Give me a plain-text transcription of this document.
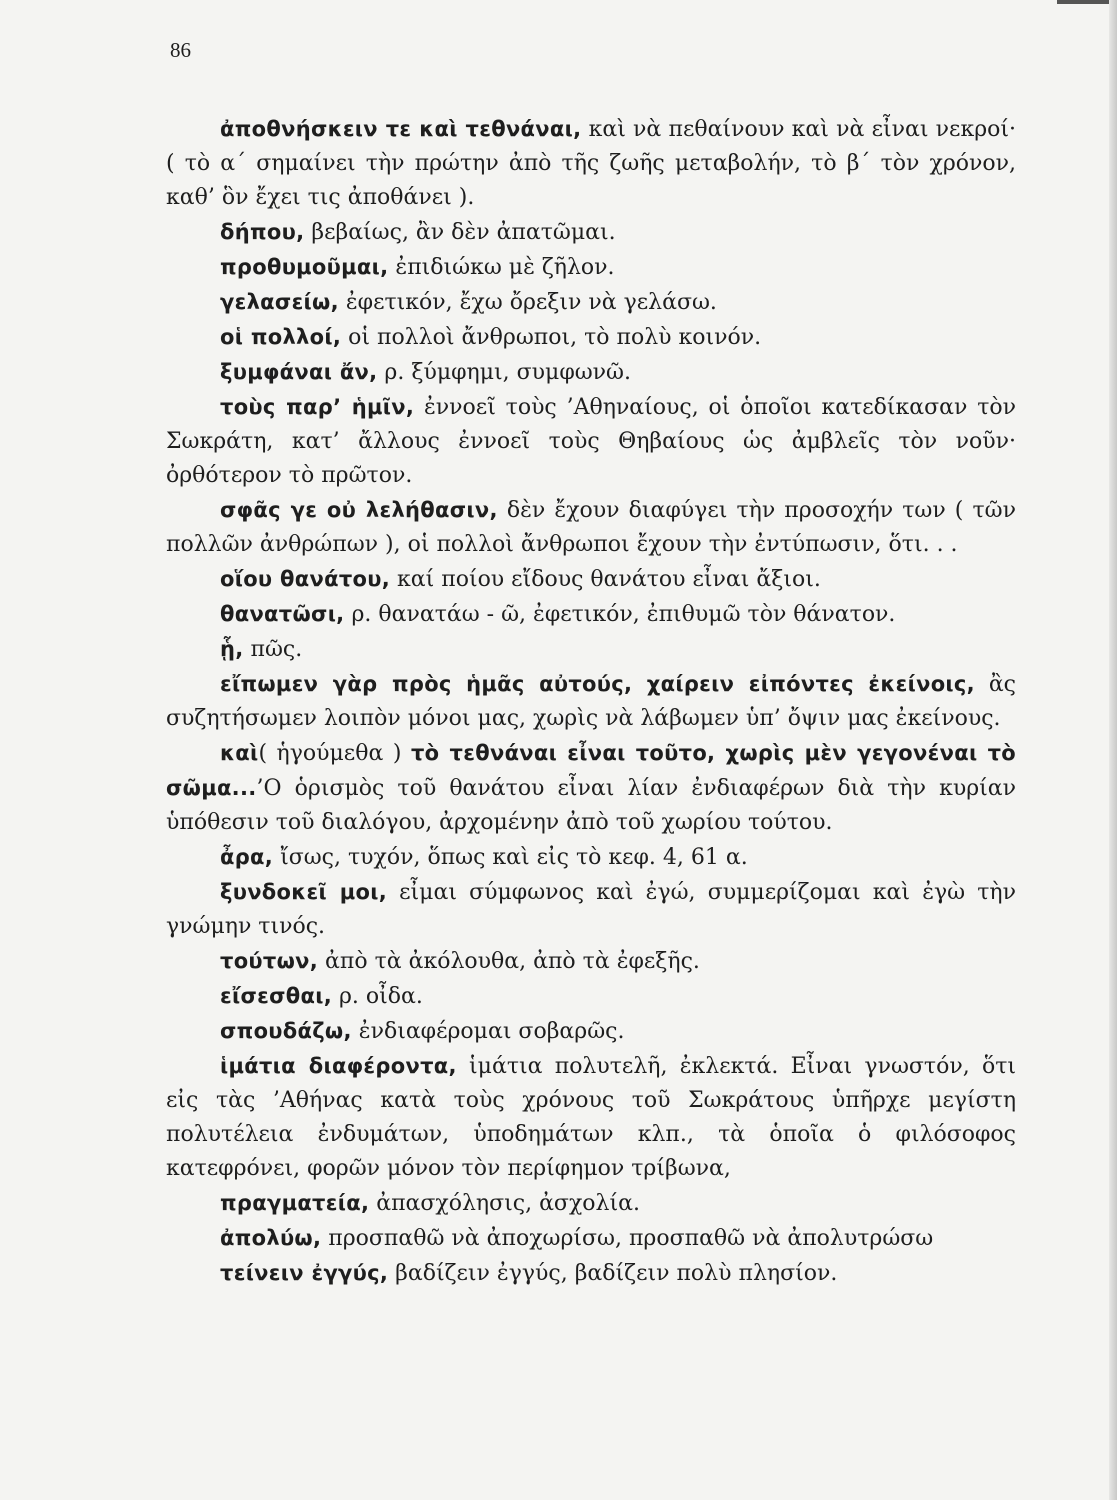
86

ἀποθνήσκειν τε καὶ τεθνάναι, καὶ νὰ πεθαίνουν καὶ νὰ εἶναι νεκροί· ( τὸ α΄ σημαίνει τὴν πρώτην ἀπὸ τῆς ζωῆς μεταβολήν, τὸ β΄ τὸν χρόνον, καθ’ ὃν ἔχει τις ἀποθάνει ).

δήπου, βεβαίως, ἂν δὲν ἀπατῶμαι.

προθυμοῦμαι, ἐπιδιώκω μὲ ζῆλον.

γελασείω, ἐφετικόν, ἔχω ὄρεξιν νὰ γελάσω.

οἱ πολλοί, οἱ πολλοὶ ἄνθρωποι, τὸ πολὺ κοινόν.

ξυμφάναι ἄν, ρ. ξύμφημι, συμφωνῶ.

τοὺς παρ’ ἡμῖν, ἐννοεῖ τοὺς ’Αθηναίους, οἱ ὁποῖοι κατεδίκασαν τὸν Σωκράτη, κατ’ ἄλλους ἐννοεῖ τοὺς Θηβαίους ὡς ἀμβλεῖς τὸν νοῦν· ὀρθότερον τὸ πρῶτον.

σφᾶς γε οὐ λελήθασιν, δὲν ἔχουν διαφύγει τὴν προσοχήν των ( τῶν πολλῶν ἀνθρώπων ), οἱ πολλοὶ ἄνθρωποι ἔχουν τὴν ἐντύπωσιν, ὅτι. . .

οἵου θανάτου, καί ποίου εἴδους θανάτου εἶναι ἄξιοι.

θανατῶσι, ρ. θανατάω - ῶ, ἐφετικόν, ἐπιθυμῶ τὸν θάνατον.

ᾗ, πῶς.

εἴπωμεν γὰρ πρὸς ἡμᾶς αὐτούς, χαίρειν εἰπόντες ἐκείνοις, ἂς συζητήσωμεν λοιπὸν μόνοι μας, χωρὶς νὰ λάβωμεν ὑπ’ ὄψιν μας ἐκείνους.

καὶ( ἡγούμεθα ) τὸ τεθνάναι εἶναι τοῦτο, χωρὶς μὲν γεγονέναι τὸ σῶμα...’Ο ὁρισμὸς τοῦ θανάτου εἶναι λίαν ἐνδιαφέρων διὰ τὴν κυρίαν ὑπόθεσιν τοῦ διαλόγου, ἀρχομένην ἀπὸ τοῦ χωρίου τούτου.

ἆρα, ἴσως, τυχόν, ὅπως καὶ εἰς τὸ κεφ. 4, 61 α.

ξυνδοκεῖ μοι, εἶμαι σύμφωνος καὶ ἐγώ, συμμερίζομαι καὶ ἐγὼ τὴν γνώμην τινός.

τούτων, ἀπὸ τὰ ἀκόλουθα, ἀπὸ τὰ ἐφεξῆς.

εἴσεσθαι, ρ. οἶδα.

σπουδάζω, ἐνδιαφέρομαι σοβαρῶς.

ἱμάτια διαφέροντα, ἱμάτια πολυτελῆ, ἐκλεκτά. Εἶναι γνωστόν, ὅτι εἰς τὰς ’Αθήνας κατὰ τοὺς χρόνους τοῦ Σωκράτους ὑπῆρχε μεγίστη πολυτέλεια ἐνδυμάτων, ὑποδημάτων κλπ., τὰ ὁποῖα ὁ φιλόσοφος κατεφρόνει, φορῶν μόνον τὸν περίφημον τρίβωνα,

πραγματεία, ἀπασχόλησις, ἀσχολία.

ἀπολύω, προσπαθῶ νὰ ἀποχωρίσω, προσπαθῶ νὰ ἀπολυτρώσω

τείνειν ἐγγύς, βαδίζειν ἐγγύς, βαδίζειν πολὺ πλησίον.
